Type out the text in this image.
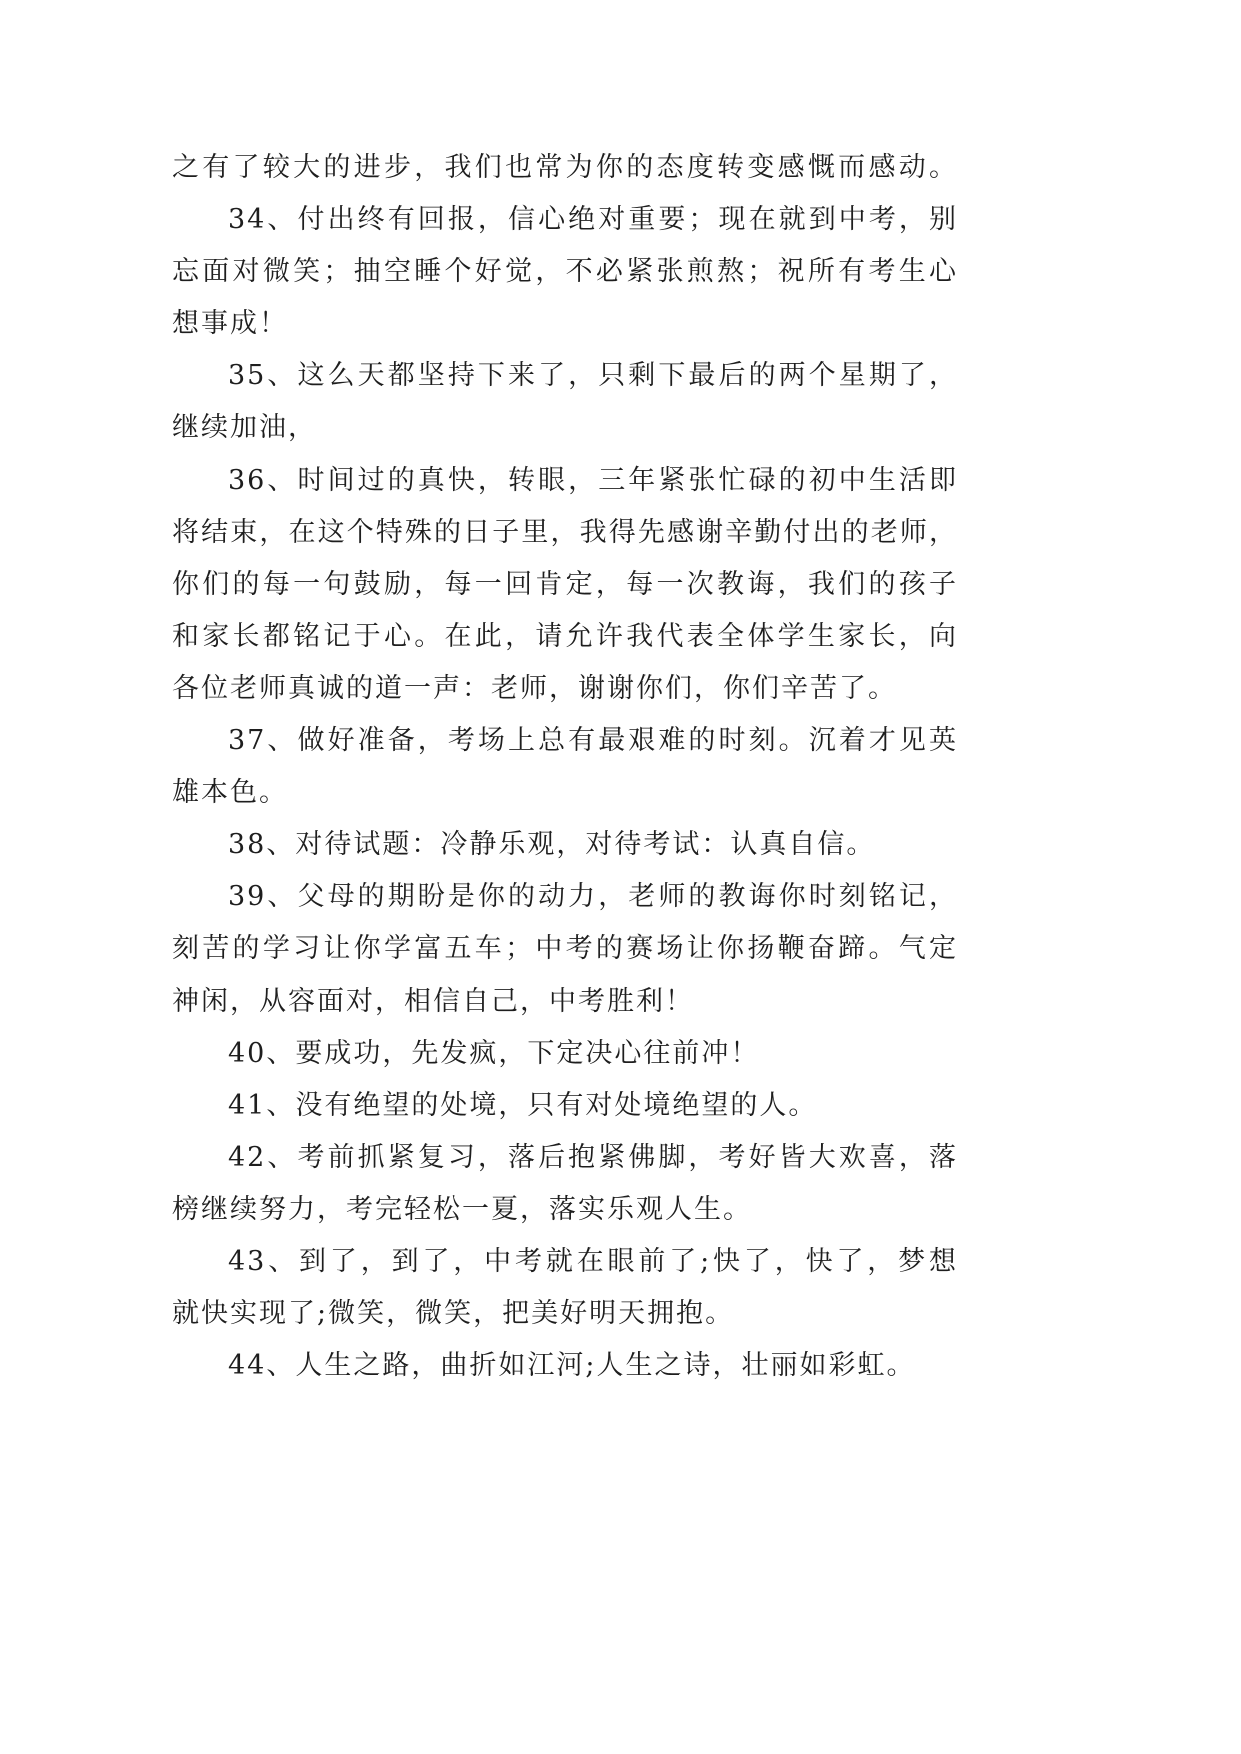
之有了较大的进步，我们也常为你的态度转变感慨而感动。
34、付出终有回报，信心绝对重要；现在就到中考，别
忘面对微笑；抽空睡个好觉，不必紧张煎熬；祝所有考生心
想事成！
35、这么天都坚持下来了，只剩下最后的两个星期了，
继续加油，
36、时间过的真快，转眼，三年紧张忙碌的初中生活即
将结束，在这个特殊的日子里，我得先感谢辛勤付出的老师，
你们的每一句鼓励，每一回肯定，每一次教诲，我们的孩子
和家长都铭记于心。在此，请允许我代表全体学生家长，向
各位老师真诚的道一声：老师，谢谢你们，你们辛苦了。
37、做好准备，考场上总有最艰难的时刻。沉着才见英
雄本色。
38、对待试题：冷静乐观，对待考试：认真自信。
39、父母的期盼是你的动力，老师的教诲你时刻铭记，
刻苦的学习让你学富五车；中考的赛场让你扬鞭奋蹄。气定
神闲，从容面对，相信自己，中考胜利！
40、要成功，先发疯，下定决心往前冲！
41、没有绝望的处境，只有对处境绝望的人。
42、考前抓紧复习，落后抱紧佛脚，考好皆大欢喜，落
榜继续努力，考完轻松一夏，落实乐观人生。
43、到了，到了，中考就在眼前了;快了，快了，梦想
就快实现了;微笑，微笑，把美好明天拥抱。
44、人生之路，曲折如江河;人生之诗，壮丽如彩虹。
